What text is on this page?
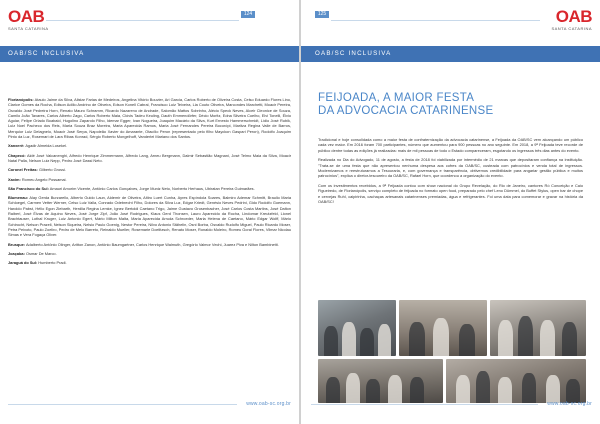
OAB
SANTA CATARINA
124
OAB/SC INCLUSIVA

Florianópolis: Ataulo Jaime da Silva, Alistar Farias de Medeiros, Angelina Vitório Bouvier, Ari Garcia, Carlos Roberto de Oliveira Costa, Celso Eduardo Flores Lino, Clarice Gomes da Rocha, Edison Adílio Andrino de Oliveira, Edson Konell Cabral, Francisco Luiz Teixeira, Lia Couto Oliveira, Marcondes Marchetti, Moacir Pereira, Osvaldo José Pedreira Horn, Renato Mauro Schramm, Ricardo Nazareno de Andrade, Salomão Mattos Sobrinho, Alécio Speck Neves, Alceir Cleonice de Souza, Camilo João Tavares, Carlos Alberto Zago, Carlos Roberto Maia, Clóvis Tadeu Keuling, Dauth Emmendörfer, Décio Moritz, Edna Silveira Coelho, Elvi Tonelli, Élvio Aguiar, Felipe Orlado Boabaid, Hugolino Zaparolo Filho, Idemar Egger, Ivan Nogueira, Joaquim Macário da Silva, Kurt Ernesto Hammerschmidt, Lídio José Rubik, Luiz Noel Pacheco dos Reis, Maria Souza Braz Moreira, Maria Aparecida Ramos, Maria José Fernandes Pereira Bocorópi, Maritza Regina Valle de Barros, Merquior Luiz Delagnelo, Moacir José Serpa, Napoleão Xavier do Amarante, Otacílio Peron (representado pelo filho Mayckon Gaspari Peron), Rodolfo Joaquim Pinto da Luz, Rosemari de Lara Ribas Konrad, Sérgio Roberto Mongelhoff, Vanderlei Mariano dos Santos.

Xanxerê: Agadir Almeida Losekel.

Chapecó: Aldé José Valcanenghi, Alfredo Henrique Zimmermann, Alfredo Lang, Arneu Bergmann, Dalmir Sebastião Magnani, José Telmo Maia da Silva, Moacir Natal Palla, Nelson Luiz Nepp, Pedro José Dassi Neto.

Coronel Freitas: Gilberto Grossi.

Xaxim: Romeu Angelo Possamai.

São Francisco do Sul: Amauri Amorim Vicente, Antônio Carlos Gonçalves, Jorge Muniz Neto, Norberto Herhaus, Ubiratan Pereira Guimarães.

Blumenau: Alay Gerda Burzarello, Alberto Guido Laun, Aldemir de Oliveira, Altiro Luert Cunha, Ayres Espíndola Soares, Balmiro Ademar Schmitt, Braulio Maria Schloegel, Carmen Vetter Werner, Celso Luiz Valla, Conrado Odebrecht Filho, Dolores da Silva Luz, Edgar Kriedt, Genésio Neves Pedrini, Gido Rodolfo Goemann, Haroldo Pabst, Hélio Egon Ziebarth, Herdlia Regina Lemke, Ignez Bertoldi Caetano Trigo, Jaime Gustavo Grosenbacher, José Carlos Costa Martins, José Dalton Raiberl, José Élvas de Aquino Neves, José Jorge Zipf, João José Rodrigues, Klaus Gerd Thonsen, Lauro Aparecido da Rocha, Lindomar Kreutzfeld, Lionel Brachtauser, Lothal Kruger, Luiz Antonio Egert, Mário Milton Malta, Maria Aparecida Arruda Schroeder, Maria Helena de Caetano, Mário Edgar Wolff, Mário Schirocht, Nelson Prazeli, Nelson Siqueira, Nelsio Paulo Goenig, Nestor Pereira, Nilvo Antonio Stähelin, Osni Borba, Osvaldo Rudolfo Miguel, Paulo Ricardo Moser, Petra Peixoto, Paulo Zoeliro, Pedro de Melo Barreto, Reinaldo Mueller, Rosemarie Doelitzsch, Renato Moser, Ronaldo Moleiro, Romeu Goral Flores, Vilmar Nicolau Simas e Vera Fogaça Oliver.

Brusque: Adalberto Antônio Olinger, Aritton Zanon, Antônio Baumgartner, Carlos Henrique Walmuth, Gregório Valmor Vechi, Juarez Piva e Nilton Bambinetti.

Joaçaba: Osmar De Marco.

Jaraguá do Sul: Humberto Pradi.

www.oab-sc.org.br
125	OAB
SANTA CATARINA
OAB/SC INCLUSIVA
FEIJOADA, A MAIOR FESTA
DA ADVOCACIA CATARINENSE

Tradicional e hoje consolidada como a maior festa de confraternização da advocacia catarinense, a Feijoada da OAB/SC vem alcançando um público cada vez maior. Em 2016 foram 700 participantes, número que aumentou para 900 pessoas no ano seguinte. Em 2018, a 9ª Feijoada teve recorde de público dentre todas as edições já realizadas: mais de mil pessoas de todo o Estado compareceram, esgotando os ingressos três dias antes do evento.

Realizada no Dia do Advogado, 11 de agosto, a festa de 2018 foi viabilizada por intermédio de 21 marcas que depositaram confiança na instituição. "Trata-se de uma festa que não apresentou nenhuma despesa aos cofres da OAB/SC, custeada com patrocínios e venda total de ingressos. Modernizamos e reestruturamos a Tesouraria, e, com governança e transparência, obtivemos credibilidade para angariar gestão pública e muitos patrocínios", explica o diretor-tesoureiro da OAB/SC, Rafael Horn, que coordenou a organização do evento.

Com os investimentos recebidos, a 9ª Feijoada contou com show nacional do Grupo Revelação, do Rio de Janeiro, cantores Ró Conceição e Caio Figueiredo, de Florianópolis, serviço completo de feijoada no formato open food, preparado pelo chef Leno Dümmel, do Buffet Stylus, open bar de chope e cervejas Ruhl, caipirinha, cachaças artesanais catarinenses premiadas, água e refrigerantes. Foi uma data para comemorar e gravar na história da OAB/SC!

www.oab-sc.org.br
